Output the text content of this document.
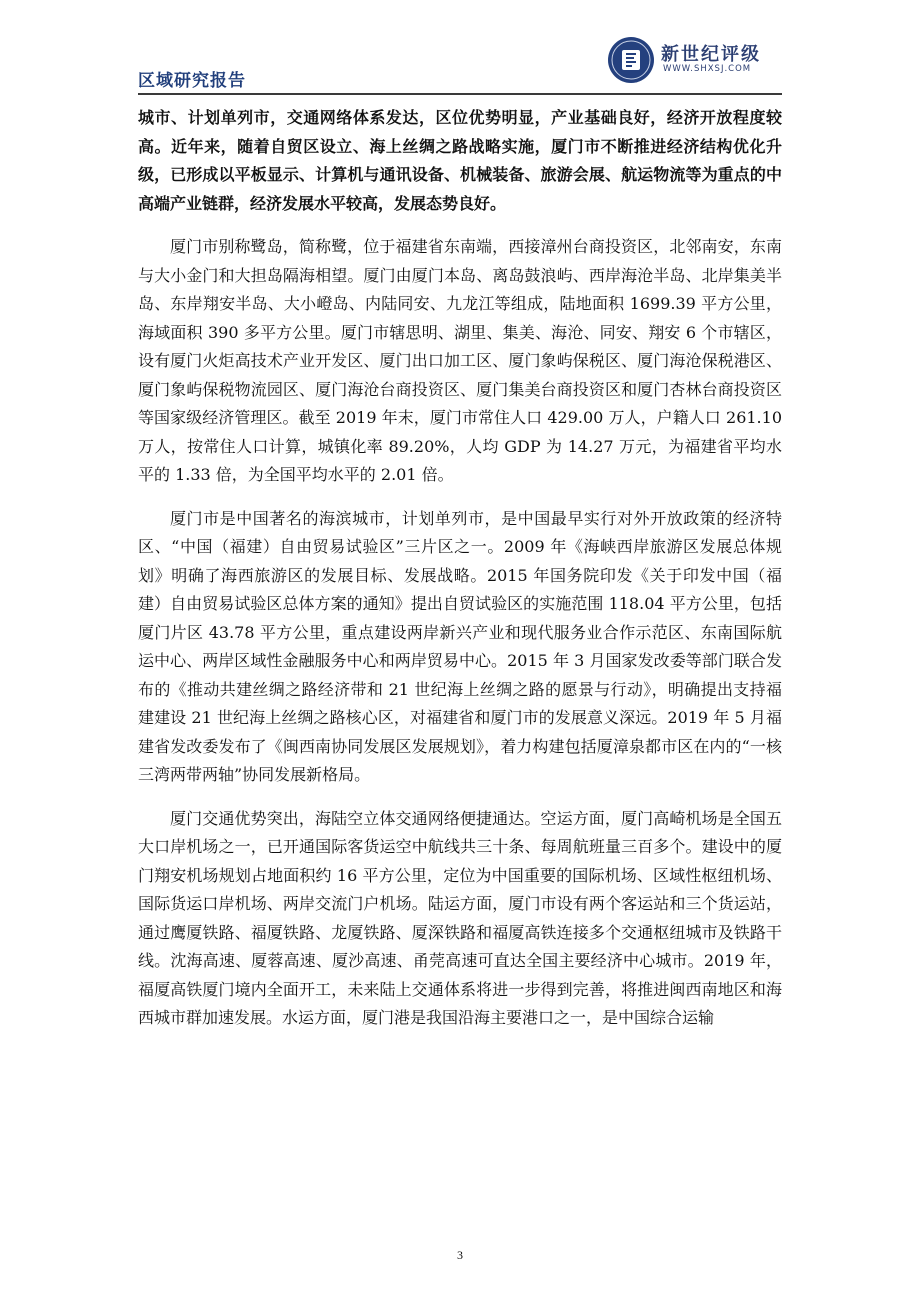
区域研究报告
新世纪评级
WWW.SHXSJ.COM

城市、计划单列市，交通网络体系发达，区位优势明显，产业基础良好，经济开放程度较高。近年来，随着自贸区设立、海上丝绸之路战略实施，厦门市不断推进经济结构优化升级，已形成以平板显示、计算机与通讯设备、机械装备、旅游会展、航运物流等为重点的中高端产业链群，经济发展水平较高，发展态势良好。

厦门市别称鹭岛，简称鹭，位于福建省东南端，西接漳州台商投资区，北邻南安，东南与大小金门和大担岛隔海相望。厦门由厦门本岛、离岛鼓浪屿、西岸海沧半岛、北岸集美半岛、东岸翔安半岛、大小嶝岛、内陆同安、九龙江等组成，陆地面积 1699.39 平方公里，海域面积 390 多平方公里。厦门市辖思明、湖里、集美、海沧、同安、翔安 6 个市辖区，设有厦门火炬高技术产业开发区、厦门出口加工区、厦门象屿保税区、厦门海沧保税港区、厦门象屿保税物流园区、厦门海沧台商投资区、厦门集美台商投资区和厦门杏林台商投资区等国家级经济管理区。截至 2019 年末，厦门市常住人口 429.00 万人，户籍人口 261.10 万人，按常住人口计算，城镇化率 89.20%，人均 GDP 为 14.27 万元，为福建省平均水平的 1.33 倍，为全国平均水平的 2.01 倍。

厦门市是中国著名的海滨城市，计划单列市，是中国最早实行对外开放政策的经济特区、“中国（福建）自由贸易试验区”三片区之一。2009 年《海峡西岸旅游区发展总体规划》明确了海西旅游区的发展目标、发展战略。2015 年国务院印发《关于印发中国（福建）自由贸易试验区总体方案的通知》提出自贸试验区的实施范围 118.04 平方公里，包括厦门片区 43.78 平方公里，重点建设两岸新兴产业和现代服务业合作示范区、东南国际航运中心、两岸区域性金融服务中心和两岸贸易中心。2015 年 3 月国家发改委等部门联合发布的《推动共建丝绸之路经济带和 21 世纪海上丝绸之路的愿景与行动》，明确提出支持福建建设 21 世纪海上丝绸之路核心区，对福建省和厦门市的发展意义深远。2019 年 5 月福建省发改委发布了《闽西南协同发展区发展规划》，着力构建包括厦漳泉都市区在内的“一核三湾两带两轴”协同发展新格局。

厦门交通优势突出，海陆空立体交通网络便捷通达。空运方面，厦门高崎机场是全国五大口岸机场之一，已开通国际客货运空中航线共三十条、每周航班量三百多个。建设中的厦门翔安机场规划占地面积约 16 平方公里，定位为中国重要的国际机场、区域性枢纽机场、国际货运口岸机场、两岸交流门户机场。陆运方面，厦门市设有两个客运站和三个货运站，通过鹰厦铁路、福厦铁路、龙厦铁路、厦深铁路和福厦高铁连接多个交通枢纽城市及铁路干线。沈海高速、厦蓉高速、厦沙高速、甬莞高速可直达全国主要经济中心城市。2019 年，福厦高铁厦门境内全面开工，未来陆上交通体系将进一步得到完善，将推进闽西南地区和海西城市群加速发展。水运方面，厦门港是我国沿海主要港口之一，是中国综合运输

3
